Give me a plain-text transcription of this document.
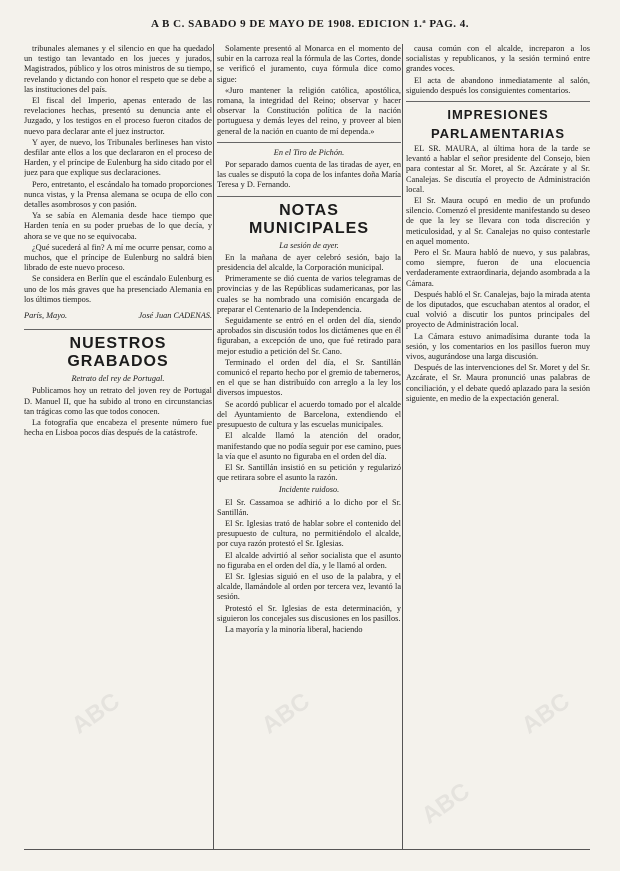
A B C. SABADO 9 DE MAYO DE 1908. EDICION 1.ª PAG. 4.

tribunales alemanes y el silencio en que ha quedado un testigo tan levantado en los jueces y jurados, Magistrados, público y los otros ministros de su tiempo, revelando y dictando con honor el respeto que se debe a las instituciones del país.

El fiscal del Imperio, apenas enterado de las revelaciones hechas, presentó su denuncia ante el Juzgado, y los testigos en el proceso fueron citados de nuevo para declarar ante el juez instructor.

Y ayer, de nuevo, los Tribunales berlineses han visto desfilar ante ellos a los que declararon en el proceso de Harden, y el príncipe de Eulenburg ha sido citado por el juez para que explique sus declaraciones.

Pero, entretanto, el escándalo ha tomado proporciones nunca vistas, y la Prensa alemana se ocupa de ello con detalles asombrosos y con pasión.

Ya se sabía en Alemania desde hace tiempo que Harden tenía en su poder pruebas de lo que decía, y ahora se ve que no se equivocaba.

¿Qué sucederá al fin? A mí me ocurre pensar, como a muchos, que el príncipe de Eulenburg no saldrá bien librado de este nuevo proceso.

Se considera en Berlín que el escándalo Eulenburg es uno de los más graves que ha presenciado Alemania en los últimos tiempos.

París, Mayo.	José Juan CADENAS.
NUESTROS GRABADOS
Retrato del rey de Portugal.

Publicamos hoy un retrato del joven rey de Portugal D. Manuel II, que ha subido al trono en circunstancias tan trágicas como las que todos conocen.

La fotografía que encabeza el presente número fue hecha en Lisboa pocos días después de la catástrofe.

Solamente presentó al Monarca en el momento de subir en la carroza real la fórmula de las Cortes, donde se verificó el juramento, cuya fórmula dice como sigue:

«Juro mantener la religión católica, apostólica, romana, la integridad del Reino; observar y hacer observar la Constitución política de la nación portuguesa y demás leyes del reino, y proveer al bien general de la nación en cuanto de mí dependa.»

En el Tiro de Pichón.

Por separado damos cuenta de las tiradas de ayer, en las cuales se disputó la copa de los infantes doña María Teresa y D. Fernando.

NOTAS MUNICIPALES
La sesión de ayer.

En la mañana de ayer celebró sesión, bajo la presidencia del alcalde, la Corporación municipal.

Primeramente se dió cuenta de varios telegramas de provincias y de las Repúblicas sudamericanas, por las cuales se ha nombrado una comisión encargada de preparar el Centenario de la Independencia.

Seguidamente se entró en el orden del día, siendo aprobados sin discusión todos los dictámenes que en él figuraban, a excepción de uno, que fué retirado para mejor estudio a petición del Sr. Cano.

Terminado el orden del día, el Sr. Santillán comunicó el reparto hecho por el gremio de taberneros, en el que se han distribuído con arreglo a la ley los diversos impuestos.

Se acordó publicar el acuerdo tomado por el alcalde del Ayuntamiento de Barcelona, extendiendo el presupuesto de cultura y las escuelas municipales.

El alcalde llamó la atención del orador, manifestando que no podía seguir por ese camino, pues la vía que el asunto no figuraba en el orden del día.

El Sr. Santillán insistió en su petición y regularizó que retirara sobre el asunto la razón.

Incidente ruidoso.

El Sr. Cassamoa se adhirió a lo dicho por el Sr. Santillán.

El Sr. Iglesias trató de hablar sobre el contenido del presupuesto de cultura, no permitiéndolo el alcalde, por cuya razón protestó el Sr. Iglesias.

El alcalde advirtió al señor socialista que el asunto no figuraba en el orden del día, y le llamó al orden.

El Sr. Iglesias siguió en el uso de la palabra, y el alcalde, llamándole al orden por tercera vez, levantó la sesión.

Protestó el Sr. Iglesias de esta determinación, y siguieron los concejales sus discusiones en los pasillos.

La mayoría y la minoría liberal, haciendo

causa común con el alcalde, increparon a los socialistas y republicanos, y la sesión terminó entre grandes voces.

El acta de abandono inmediatamente al salón, siguiendo después los consiguientes comentarios.

IMPRESIONES
PARLAMENTARIAS

EL SR. MAURA, al última hora de la tarde se levantó a hablar el señor presidente del Consejo, bien para contestar al Sr. Moret, al Sr. Azcárate y al Sr. Canalejas. Se discutía el proyecto de Administración local.

El Sr. Maura ocupó en medio de un profundo silencio. Comenzó el presidente manifestando su deseo de que la ley se llevara con toda discreción y meticulosidad, y al Sr. Canalejas no quiso contestarle en aquel momento.

Pero el Sr. Maura habló de nuevo, y sus palabras, como siempre, fueron de una elocuencia verdaderamente extraordinaria, dejando asombrada a la Cámara.

Después habló el Sr. Canalejas, bajo la mirada atenta de los diputados, que escuchaban atentos al orador, el cual volvió a discutir los puntos principales del proyecto de Administración local.

La Cámara estuvo animadísima durante toda la sesión, y los comentarios en los pasillos fueron muy vivos, augurándose una larga discusión.

Después de las intervenciones del Sr. Moret y del Sr. Azcárate, el Sr. Maura pronunció unas palabras de conciliación, y el debate quedó aplazado para la sesión siguiente, en medio de la expectación general.

ABC	ABC
ABC
ABC
